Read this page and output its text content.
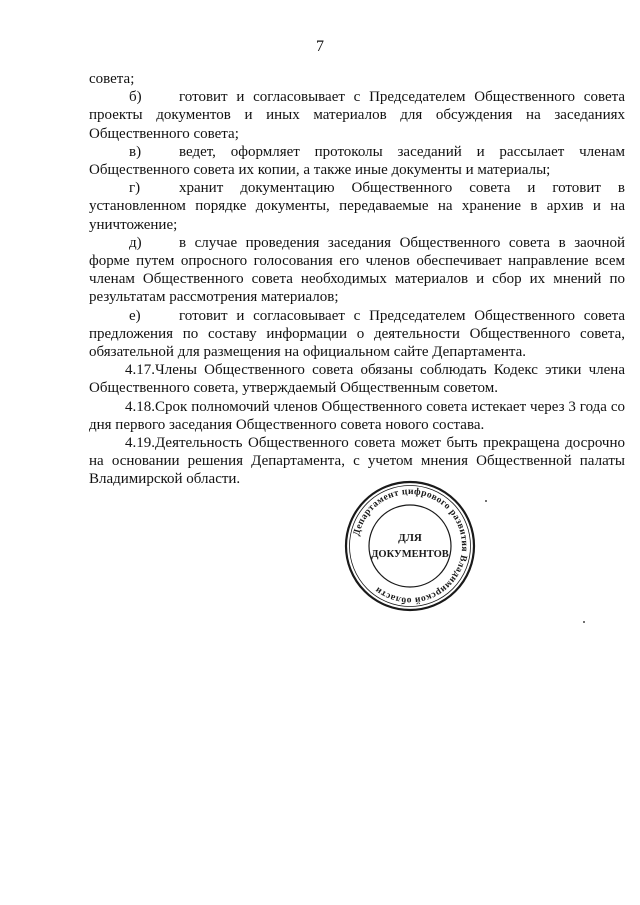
7

совета;

б) готовит и согласовывает с Председателем Общественного совета проекты документов и иных материалов для обсуждения на заседаниях Общественного совета;

в)	ведет, оформляет протоколы заседаний и рассылает членам Общественного совета их копии, а также иные документы и материалы;

г)	хранит документацию Общественного совета и готовит в установленном порядке документы, передаваемые на хранение в архив и на уничтожение;

д) в случае проведения заседания Общественного совета в заочной форме путем опросного голосования его членов обеспечивает направление всем членам Общественного совета необходимых материалов и сбор их мнений по результатам рассмотрения материалов;

е)	готовит и согласовывает с Председателем Общественного совета предложения по составу информации о деятельности Общественного совета, обязательной для размещения на официальном сайте Департамента.

4.17.Члены Общественного совета обязаны соблюдать Кодекс этики члена Общественного совета, утверждаемый Общественным советом.

4.18.Срок полномочий членов Общественного совета истекает через 3 года со дня первого заседания Общественного совета нового состава.

4.19.Деятельность Общественного совета может быть прекращена досрочно на основании решения Департамента, с учетом мнения Общественной палаты Владимирской области.

Департамент цифрового развития Владимирской области
ДЛЯ
ДОКУМЕНТОВ
